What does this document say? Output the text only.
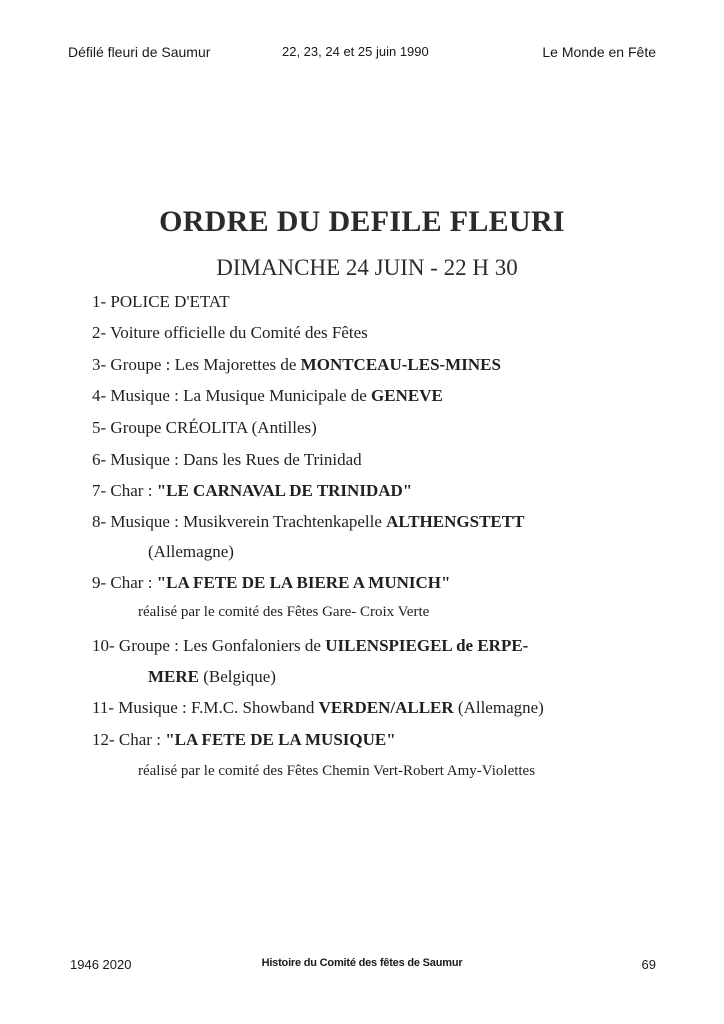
Défilé fleuri de Saumur	22, 23, 24 et 25 juin 1990	Le Monde en Fête
ORDRE DU DEFILE FLEURI
DIMANCHE 24 JUIN - 22 H 30
1- POLICE D'ETAT
2- Voiture officielle du Comité des Fêtes
3- Groupe : Les Majorettes de MONTCEAU-LES-MINES
4- Musique : La Musique Municipale de GENEVE
5- Groupe CRÉOLITA (Antilles)
6- Musique : Dans les Rues de Trinidad
7- Char : "LE CARNAVAL DE TRINIDAD"
8- Musique : Musikverein Trachtenkapelle ALTHENGSTETT
(Allemagne)
9- Char : "LA FETE DE LA BIERE A MUNICH"
réalisé par le comité des Fêtes Gare- Croix Verte
10- Groupe : Les Gonfaloniers de UILENSPIEGEL de ERPE-
MERE (Belgique)
11- Musique : F.M.C. Showband VERDEN/ALLER (Allemagne)
12- Char : "LA FETE DE LA MUSIQUE"
réalisé par le comité des Fêtes Chemin Vert-Robert Amy-Violettes
1946 2020	Histoire du Comité des fêtes de Saumur	69
